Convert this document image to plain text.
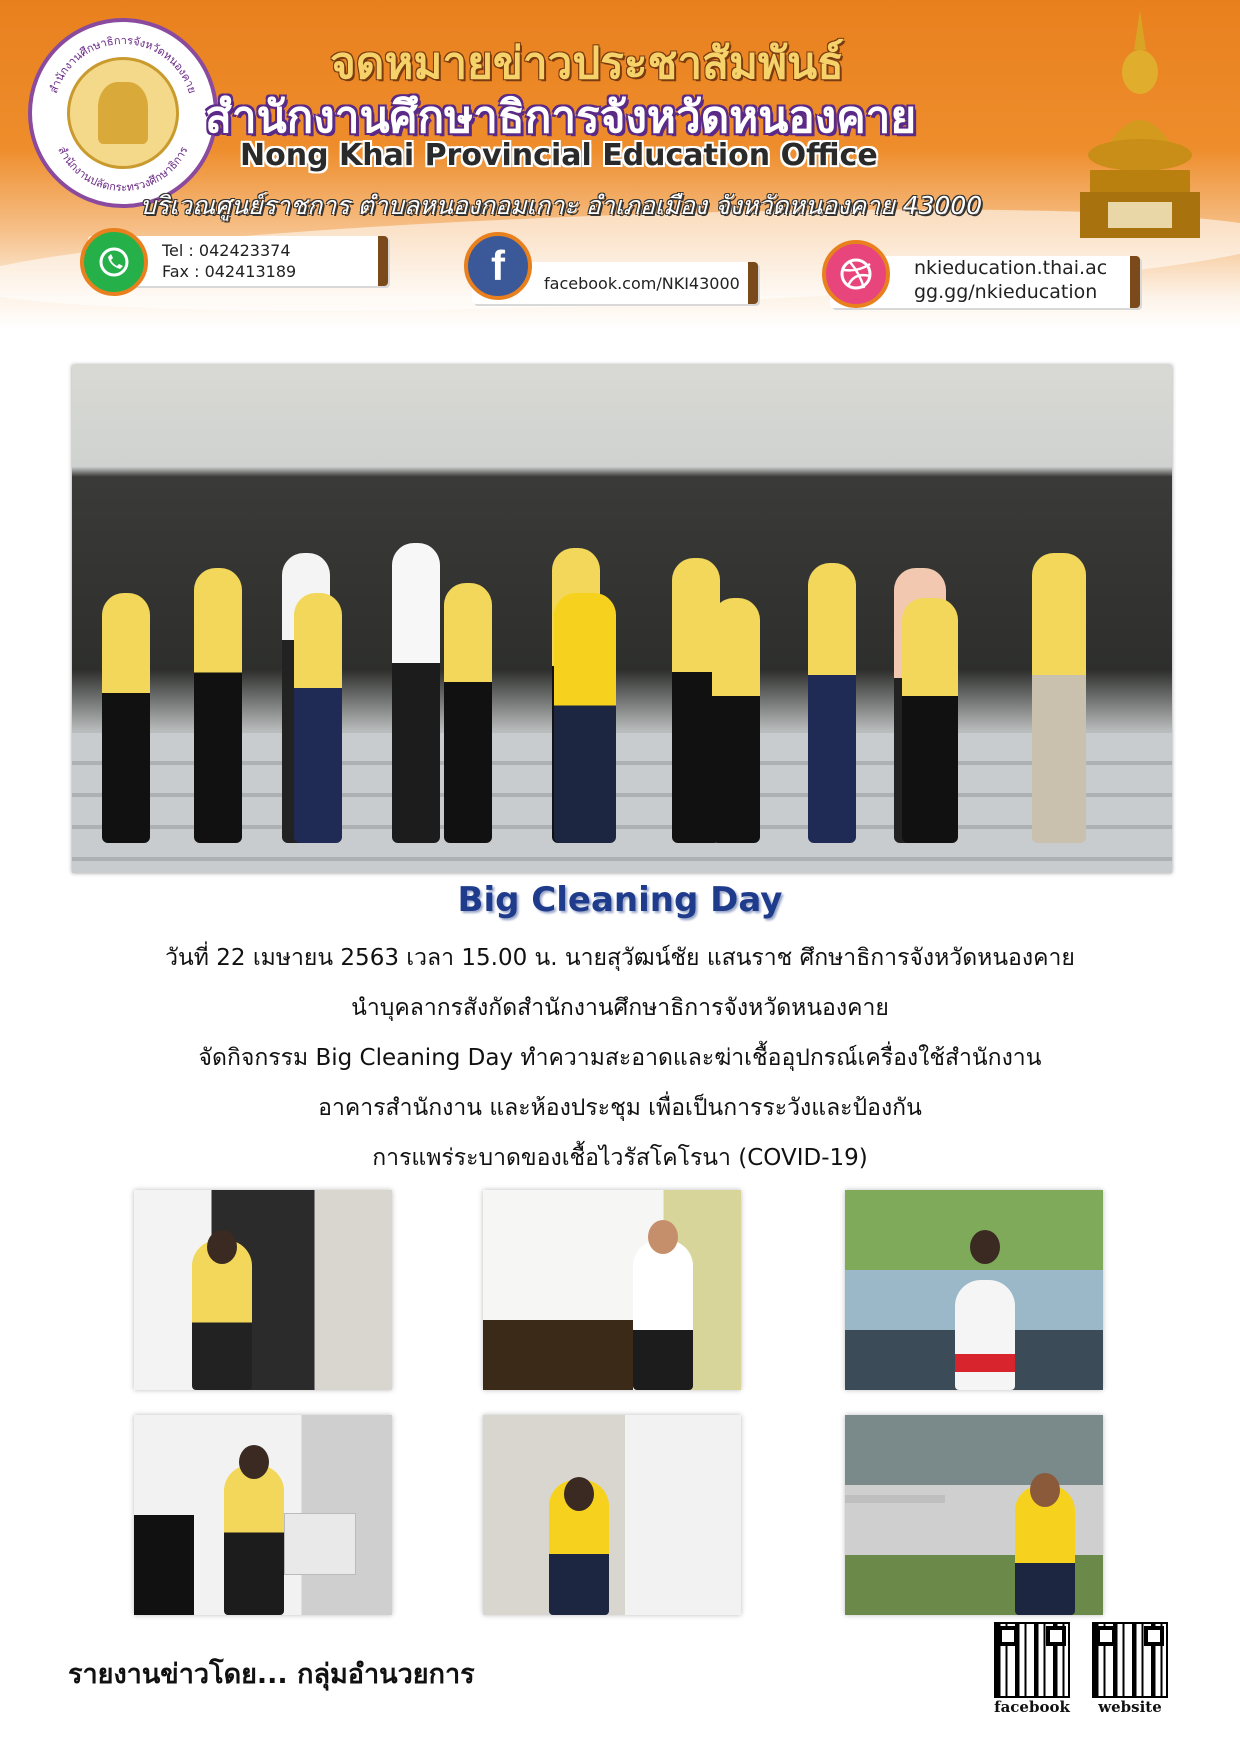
สำนักงานศึกษาธิการจังหวัดหนองคาย
สำนักงานปลัดกระทรวงศึกษาธิการ
จดหมายข่าวประชาสัมพันธ์
สำนักงานศึกษาธิการจังหวัดหนองคาย
Nong Khai Provincial Education Office
บริเวณศูนย์ราชการ ตำบลหนองกอมเกาะ อำเภอเมือง จังหวัดหนองคาย 43000
Tel : 042423374
Fax : 042413189	f facebook.com/NKI43000
nkieducation.thai.ac
gg.gg/nkieducation
Big Cleaning Day
วันที่ 22 เมษายน 2563 เวลา 15.00 น. นายสุวัฒน์ชัย แสนราช ศึกษาธิการจังหวัดหนองคาย
นำบุคลากรสังกัดสำนักงานศึกษาธิการจังหวัดหนองคาย
จัดกิจกรรม Big Cleaning Day ทำความสะอาดและฆ่าเชื้ออุปกรณ์เครื่องใช้สำนักงาน
อาคารสำนักงาน และห้องประชุม เพื่อเป็นการระวังและป้องกัน
การแพร่ระบาดของเชื้อไวรัสโคโรนา (COVID-19)
รายงานข่าวโดย... กลุ่มอำนวยการ
facebook	website
